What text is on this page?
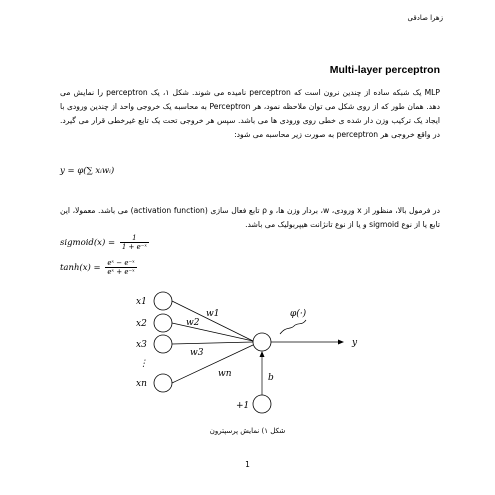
زهرا صادقی
Multi-layer perceptron
MLP یک شبکه ساده از چندین نرون است که perceptron نامیده می شوند. شکل ۱، یک perceptron را نمایش می دهد. همان طور که از روی شکل می توان ملاحظه نمود، هر Perceptron به محاسبه یک خروجی واحد از چندین ورودی با ایجاد یک ترکیب وزن دار شده ی خطی روی ورودی ها می باشد. سپس هر خروجی تحت یک تابع غیرخطی قرار می گیرد. در واقع خروجی هر perceptron به صورت زیر محاسبه می شود:
y = φ(∑ xᵢwᵢ)
در فرمول بالا، منظور از x ورودی، w، بردار وزن ها، و ρ تابع فعال سازی (activation function) می باشد. معمولا، این تابع یا از نوع sigmoid و یا از نوع تانژانت هیپربولیک می باشد.
sigmoid(x) = $\frac{1}{\text{1 + e⁻ˣ}}$
$\tanh(x) = \frac{\text{eˣ − e⁻ˣ}}{\text{eˣ + e⁻ˣ}}$
x1
x2
x3
⋮
xn
w1
w2
w3
wn
φ(·)
y
b
+1
شکل ۱) نمایش پرسپترون
1
